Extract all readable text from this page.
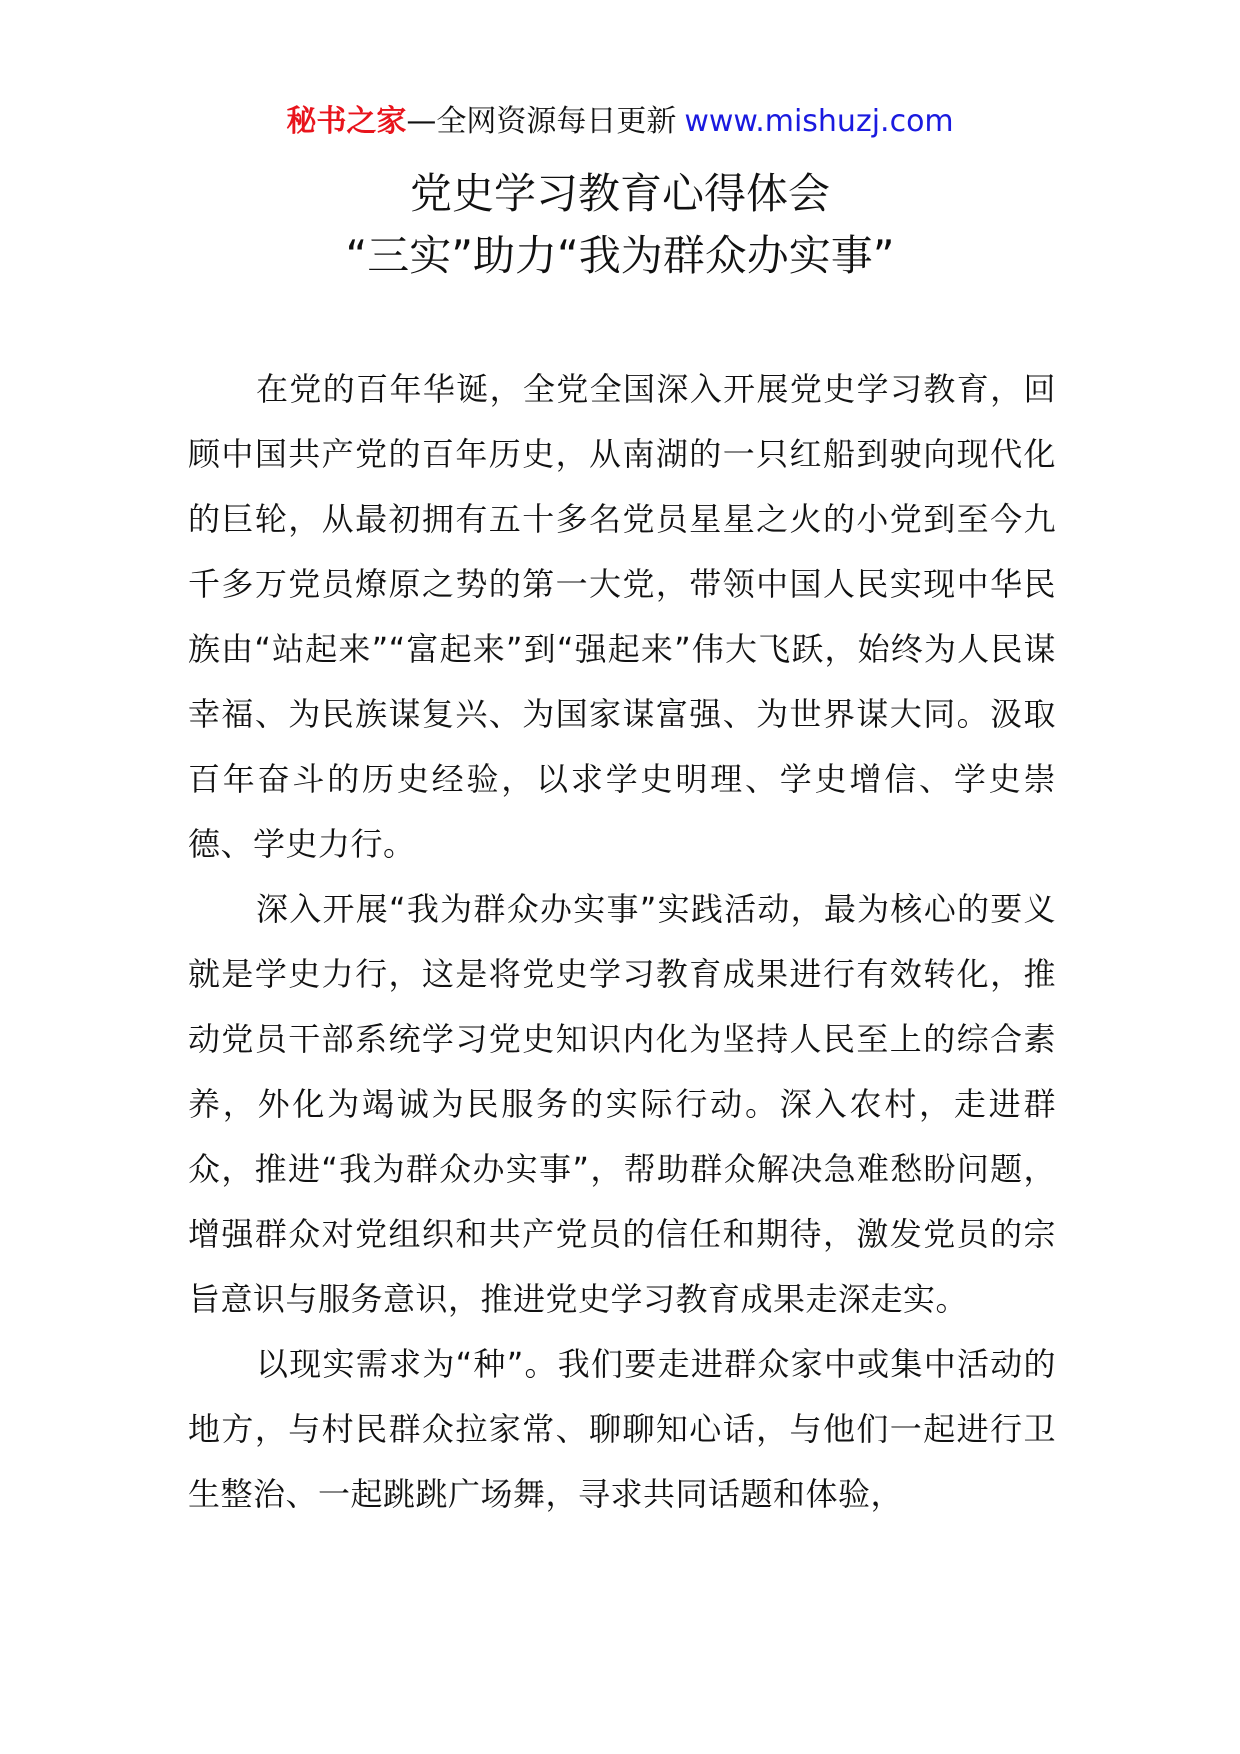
秘书之家—全网资源每日更新 www.mishuzj.com
党史学习教育心得体会
“三实”助力“我为群众办实事”

在党的百年华诞，全党全国深入开展党史学习教育，回顾中国共产党的百年历史，从南湖的一只红船到驶向现代化的巨轮，从最初拥有五十多名党员星星之火的小党到至今九千多万党员燎原之势的第一大党，带领中国人民实现中华民族由“站起来”“富起来”到“强起来”伟大飞跃，始终为人民谋幸福、为民族谋复兴、为国家谋富强、为世界谋大同。汲取百年奋斗的历史经验，以求学史明理、学史增信、学史崇德、学史力行。

深入开展“我为群众办实事”实践活动，最为核心的要义就是学史力行，这是将党史学习教育成果进行有效转化，推动党员干部系统学习党史知识内化为坚持人民至上的综合素养，外化为竭诚为民服务的实际行动。深入农村，走进群众，推进“我为群众办实事”，帮助群众解决急难愁盼问题，增强群众对党组织和共产党员的信任和期待，激发党员的宗旨意识与服务意识，推进党史学习教育成果走深走实。

以现实需求为“种”。我们要走进群众家中或集中活动的地方，与村民群众拉家常、聊聊知心话，与他们一起进行卫生整治、一起跳跳广场舞，寻求共同话题和体验，
